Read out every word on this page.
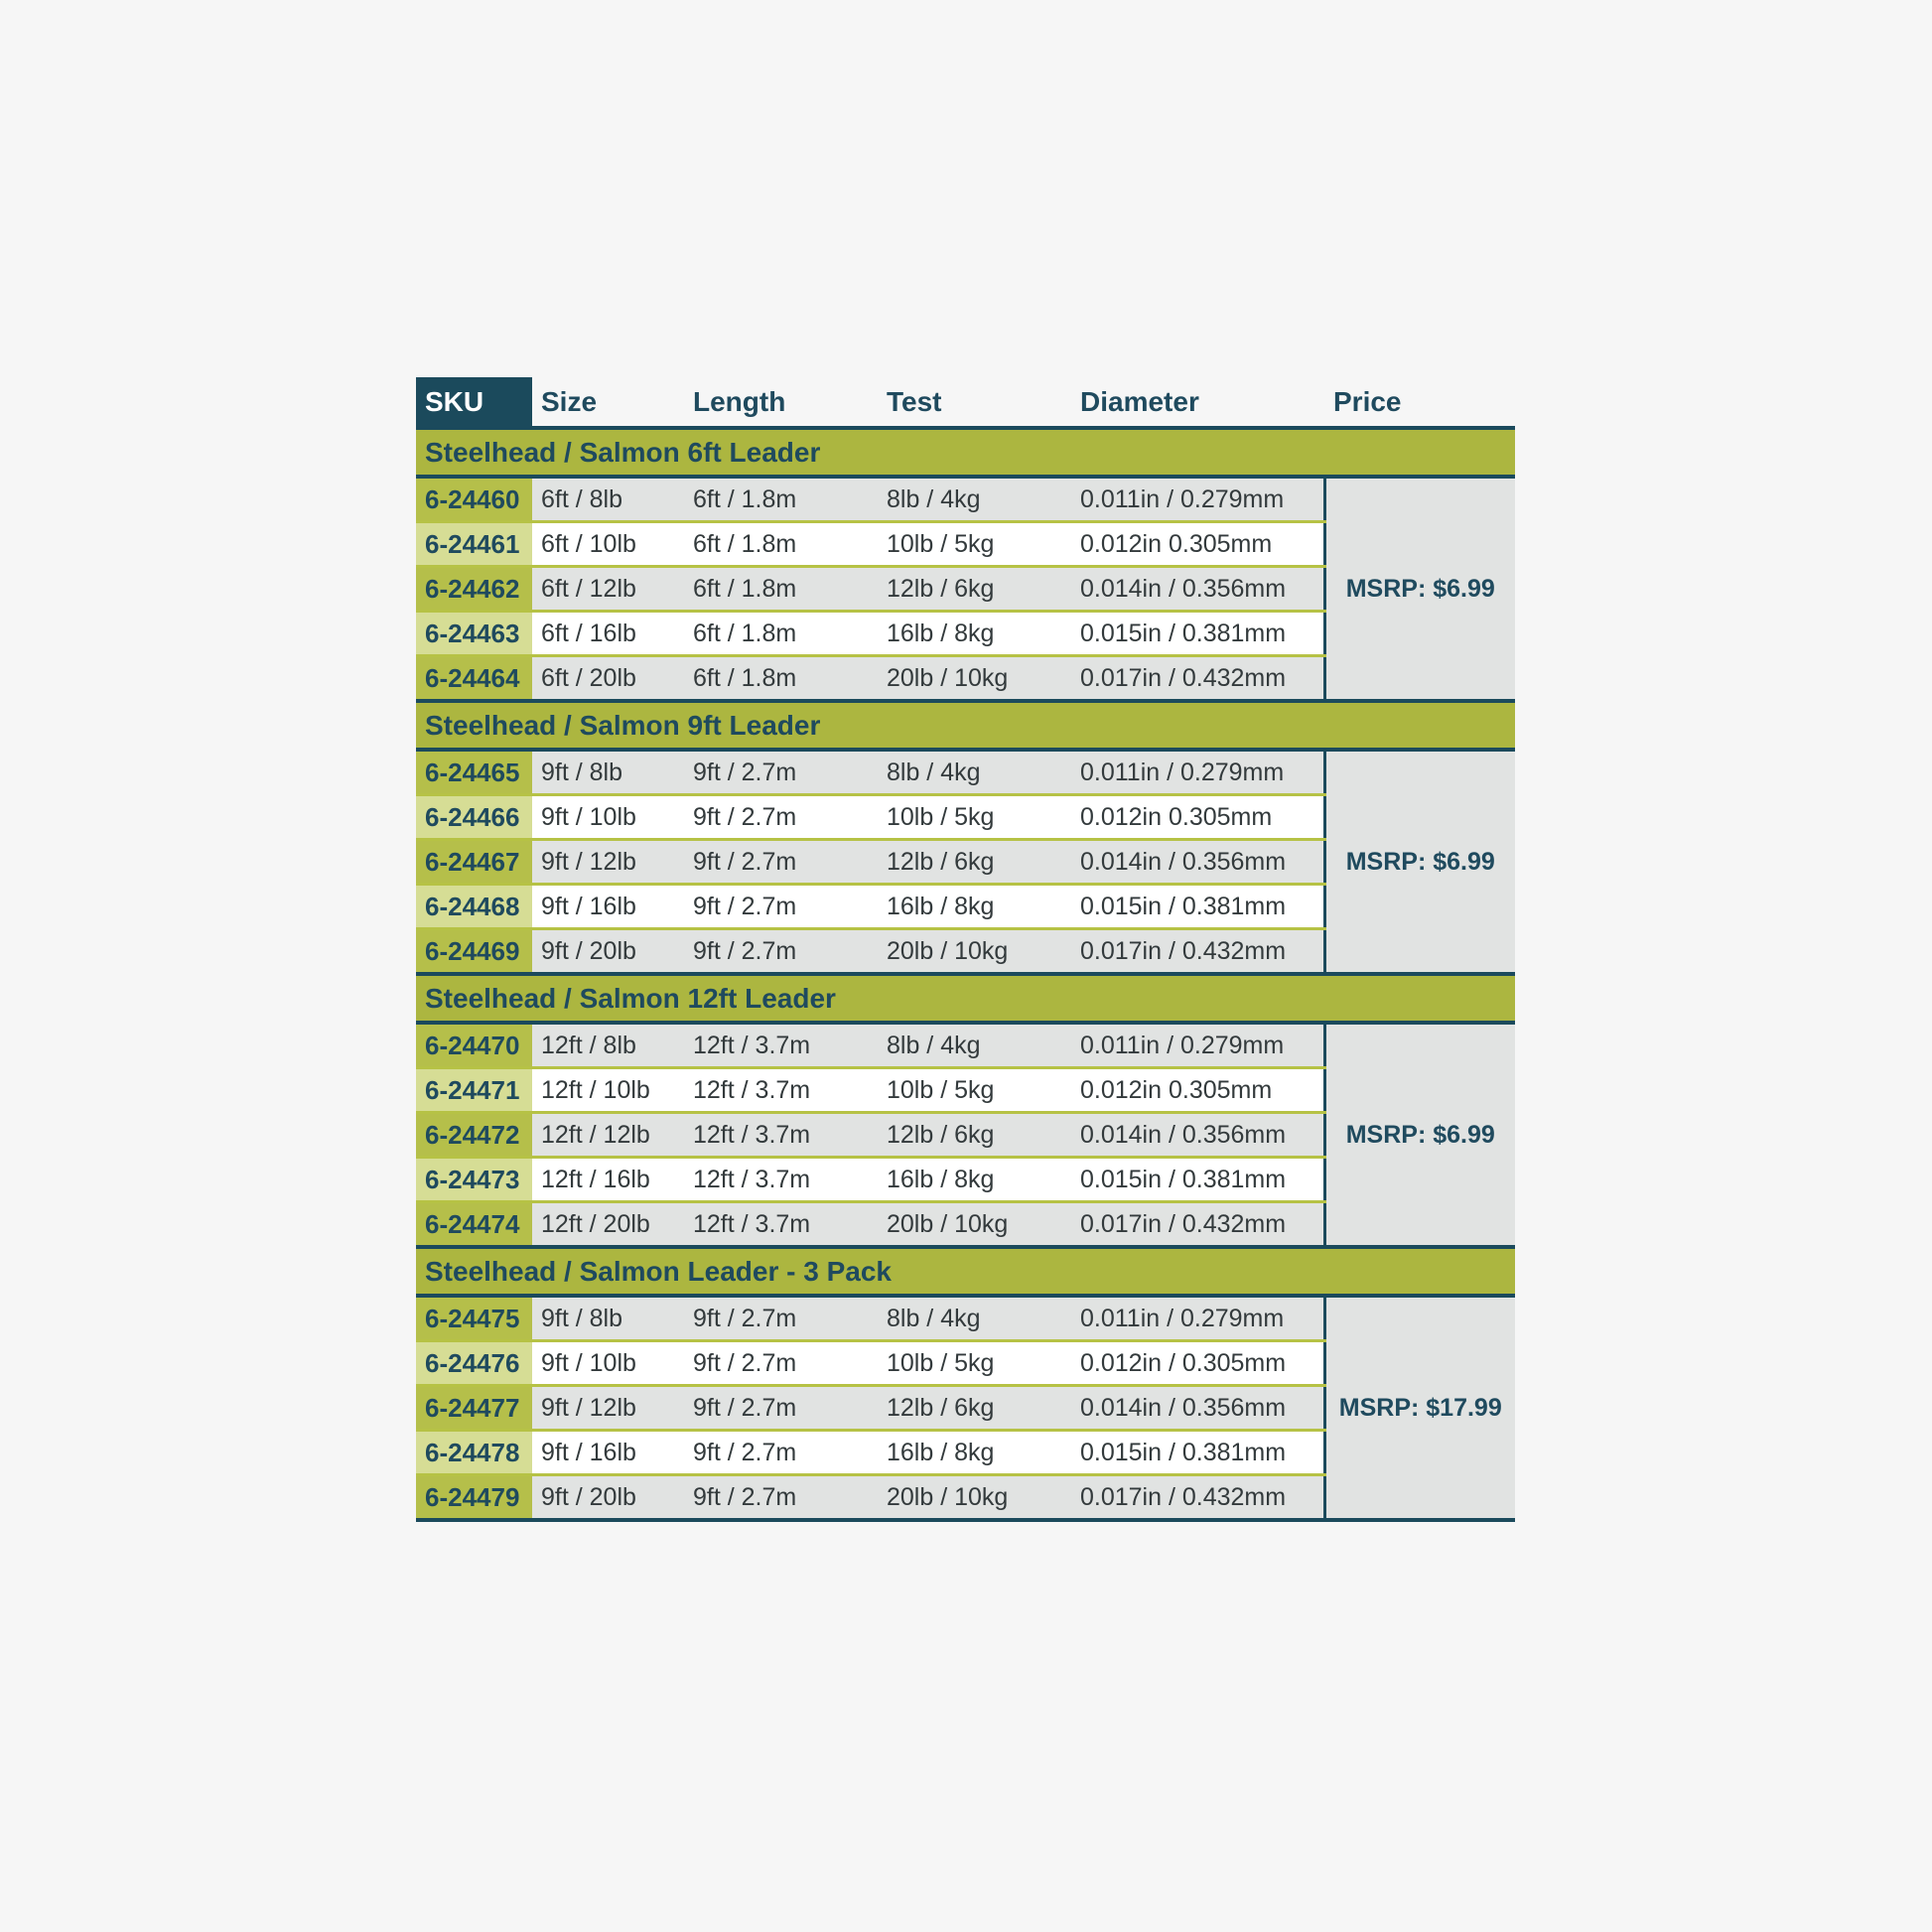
SKU	Size	Length	Test	Diameter	Price
Steelhead / Salmon 6ft Leader					
6-24460	6ft / 8lb	6ft / 1.8m	8lb / 4kg	0.011in / 0.279mm	MSRP: $6.99
6-24461	6ft / 10lb	6ft / 1.8m	10lb / 5kg	0.012in 0.305mm	
6-24462	6ft / 12lb	6ft / 1.8m	12lb / 6kg	0.014in / 0.356mm	
6-24463	6ft / 16lb	6ft / 1.8m	16lb / 8kg	0.015in / 0.381mm	
6-24464	6ft / 20lb	6ft / 1.8m	20lb / 10kg	0.017in / 0.432mm	
Steelhead / Salmon 9ft Leader					
6-24465	9ft / 8lb	9ft / 2.7m	8lb / 4kg	0.011in / 0.279mm	MSRP: $6.99
6-24466	9ft / 10lb	9ft / 2.7m	10lb / 5kg	0.012in 0.305mm	
6-24467	9ft / 12lb	9ft / 2.7m	12lb / 6kg	0.014in / 0.356mm	
6-24468	9ft / 16lb	9ft / 2.7m	16lb / 8kg	0.015in / 0.381mm	
6-24469	9ft / 20lb	9ft / 2.7m	20lb / 10kg	0.017in / 0.432mm	
Steelhead / Salmon 12ft Leader					
6-24470	12ft / 8lb	12ft / 3.7m	8lb / 4kg	0.011in / 0.279mm	MSRP: $6.99
6-24471	12ft / 10lb	12ft / 3.7m	10lb / 5kg	0.012in 0.305mm	
6-24472	12ft / 12lb	12ft / 3.7m	12lb / 6kg	0.014in / 0.356mm	
6-24473	12ft / 16lb	12ft / 3.7m	16lb / 8kg	0.015in / 0.381mm	
6-24474	12ft / 20lb	12ft / 3.7m	20lb / 10kg	0.017in / 0.432mm	
Steelhead / Salmon Leader - 3 Pack					
6-24475	9ft / 8lb	9ft / 2.7m	8lb / 4kg	0.011in / 0.279mm	MSRP: $17.99
6-24476	9ft / 10lb	9ft / 2.7m	10lb / 5kg	0.012in / 0.305mm	
6-24477	9ft / 12lb	9ft / 2.7m	12lb / 6kg	0.014in / 0.356mm	
6-24478	9ft / 16lb	9ft / 2.7m	16lb / 8kg	0.015in / 0.381mm	
6-24479	9ft / 20lb	9ft / 2.7m	20lb / 10kg	0.017in / 0.432mm	
